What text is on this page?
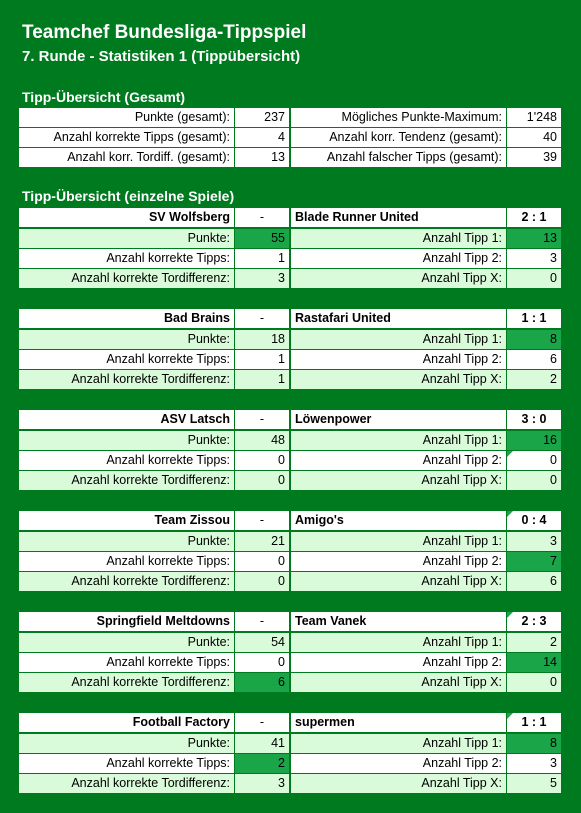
Teamchef Bundesliga-Tippspiel
7. Runde - Statistiken 1 (Tippübersicht)
Tipp-Übersicht (Gesamt)
Tipp-Übersicht (einzelne Spiele)
Punkte (gesamt):	237	Mögliches Punkte-Maximum:	1'248
Anzahl korrekte Tipps (gesamt):	4	Anzahl korr. Tendenz (gesamt):	40
Anzahl korr. Tordiff. (gesamt):	13	Anzahl falscher Tipps (gesamt):	39
SV Wolfsberg	-	Blade Runner United	2 : 1
Punkte:	55	Anzahl Tipp 1:	13
Anzahl korrekte Tipps:	1	Anzahl Tipp 2:	3
Anzahl korrekte Tordifferenz:	3	Anzahl Tipp X:	0
Bad Brains	-	Rastafari United	1 : 1
Punkte:	18	Anzahl Tipp 1:	8
Anzahl korrekte Tipps:	1	Anzahl Tipp 2:	6
Anzahl korrekte Tordifferenz:	1	Anzahl Tipp X:	2
ASV Latsch	-	Löwenpower	3 : 0
Punkte:	48	Anzahl Tipp 1:	16
Anzahl korrekte Tipps:	0	Anzahl Tipp 2:	0
Anzahl korrekte Tordifferenz:	0	Anzahl Tipp X:	0
Team Zissou	-	Amigo's	0 : 4
Punkte:	21	Anzahl Tipp 1:	3
Anzahl korrekte Tipps:	0	Anzahl Tipp 2:	7
Anzahl korrekte Tordifferenz:	0	Anzahl Tipp X:	6
Springfield Meltdowns	-	Team Vanek	2 : 3
Punkte:	54	Anzahl Tipp 1:	2
Anzahl korrekte Tipps:	0	Anzahl Tipp 2:	14
Anzahl korrekte Tordifferenz:	6	Anzahl Tipp X:	0
Football Factory	-	supermen	1 : 1
Punkte:	41	Anzahl Tipp 1:	8
Anzahl korrekte Tipps:	2	Anzahl Tipp 2:	3
Anzahl korrekte Tordifferenz:	3	Anzahl Tipp X:	5
